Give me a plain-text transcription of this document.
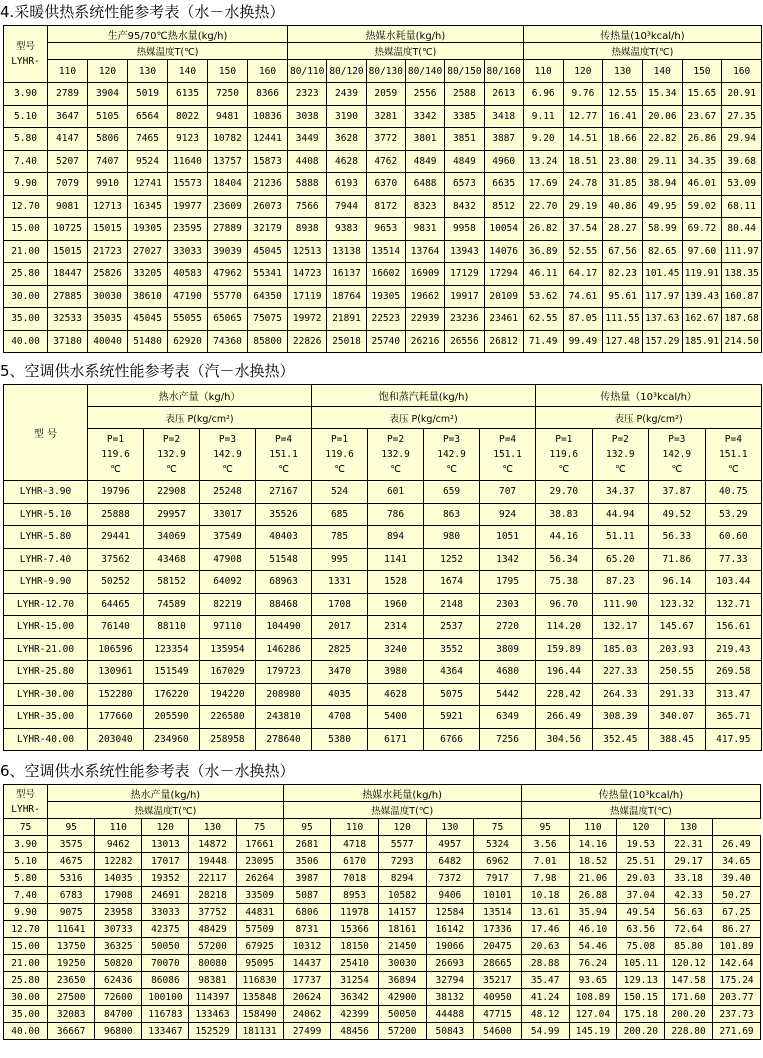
4.采暖供热系统性能参考表（水－水换热）
型号
LYHR-	生产95/70℃热水量(kg/h)						热媒水耗量(kg/h)						传热量(10³kcal/h)					
	热媒温度T(℃)						热媒温度T(℃)						热媒温度T(℃)					
	110	120	130	140	150	160	80/110	80/120	80/130	80/140	80/150	80/160	110	120	130	140	150	160
3.90	2789	3904	5019	6135	7250	8366	2323	2439	2059	2556	2588	2613	6.96	9.76	12.55	15.34	15.65	20.91
5.10	3647	5105	6564	8022	9481	10836	3038	3190	3281	3342	3385	3418	9.11	12.77	16.41	20.06	23.67	27.35
5.80	4147	5806	7465	9123	10782	12441	3449	3628	3772	3801	3851	3887	9.20	14.51	18.66	22.82	26.86	29.94
7.40	5207	7407	9524	11640	13757	15873	4408	4628	4762	4849	4849	4960	13.24	18.51	23.80	29.11	34.35	39.68
9.90	7079	9910	12741	15573	18404	21236	5888	6193	6370	6488	6573	6635	17.69	24.78	31.85	38.94	46.01	53.09
12.70	9081	12713	16345	19977	23609	26073	7566	7944	8172	8323	8432	8512	22.70	29.19	40.86	49.95	59.02	68.11
15.00	10725	15015	19305	23595	27889	32179	8938	9383	9653	9831	9958	10054	26.82	37.54	28.27	58.99	69.72	80.44
21.00	15015	21723	27027	33033	39039	45045	12513	13138	13514	13764	13943	14076	36.89	52.55	67.56	82.65	97.60	111.97
25.80	18447	25826	33205	40583	47962	55341	14723	16137	16602	16909	17129	17294	46.11	64.17	82.23	101.45	119.91	138.35
30.00	27885	30030	38610	47190	55770	64350	17119	18764	19305	19662	19917	20109	53.62	74.61	95.61	117.97	139.43	160.87
35.00	32533	35035	45045	55055	65065	75075	19972	21891	22523	22939	23236	23461	62.55	87.05	111.55	137.63	162.67	187.68
40.00	37180	40040	51480	62920	74360	85800	22826	25018	25740	26216	26556	26812	71.49	99.49	127.48	157.29	185.91	214.50
5、空调供水系统性能参考表（汽－水换热）
型 号	热水产量（kg/h）				饱和蒸汽耗量(kg/h)				传热量（10³kcal/h）			
	表压 P(kg/cm²)				表压 P(kg/cm²)				表压 P(kg/cm²)			
	P=1
119.6
℃	P=2
132.9
℃	P=3
142.9
℃	P=4
151.1
℃	P=1
119.6
℃	P=2
132.9
℃	P=3
142.9
℃	P=4
151.1
℃	P=1
119.6
℃	P=2
132.9
℃	P=3
142.9
℃	P=4
151.1
℃
LYHR-3.90	19796	22908	25248	27167	524	601	659	707	29.70	34.37	37.87	40.75
LYHR-5.10	25888	29957	33017	35526	685	786	863	924	38.83	44.94	49.52	53.29
LYHR-5.80	29441	34069	37549	40403	785	894	980	1051	44.16	51.11	56.33	60.60
LYHR-7.40	37562	43468	47908	51548	995	1141	1252	1342	56.34	65.20	71.86	77.33
LYHR-9.90	50252	58152	64092	68963	1331	1528	1674	1795	75.38	87.23	96.14	103.44
LYHR-12.70	64465	74589	82219	88468	1708	1960	2148	2303	96.70	111.90	123.32	132.71
LYHR-15.00	76140	88110	97110	104490	2017	2314	2537	2720	114.20	132.17	145.67	156.61
LYHR-21.00	106596	123354	135954	146286	2825	3240	3552	3809	159.89	185.03	203.93	219.43
LYHR-25.80	130961	151549	167029	179723	3470	3980	4364	4680	196.44	227.33	250.55	269.58
LYHR-30.00	152280	176220	194220	208980	4035	4628	5075	5442	228.42	264.33	291.33	313.47
LYHR-35.00	177660	205590	226580	243810	4708	5400	5921	6349	266.49	308.39	340.07	365.71
LYHR-40.00	203040	234960	258958	278640	5380	6171	6766	7256	304.56	352.45	388.45	417.95
6、空调供水系统性能参考表（水－水换热）
型号
LYHR-	热水产量(kg/h)					热媒水耗量(kg/h)					传热量(10³kcal/h)				
	热媒温度T(℃)					热媒温度T(℃)					热媒温度T(℃)				
75	95	110	120	130	75	95	110	120	130	75	95	110	120	130	
3.90	3575	9462	13013	14872	17661	2681	4718	5577	4957	5324	3.56	14.16	19.53	22.31	26.49
5.10	4675	12282	17017	19448	23095	3506	6170	7293	6482	6962	7.01	18.52	25.51	29.17	34.65
5.80	5316	14035	19352	22117	26264	3987	7018	8294	7372	7917	7.98	21.06	29.03	33.18	39.40
7.40	6783	17908	24691	28218	33509	5087	8953	10582	9406	10101	10.18	26.88	37.04	42.33	50.27
9.90	9075	23958	33033	37752	44831	6806	11978	14157	12584	13514	13.61	35.94	49.54	56.63	67.25
12.70	11641	30733	42375	48429	57509	8731	15366	18161	16142	17336	17.46	46.10	63.56	72.64	86.27
15.00	13750	36325	50050	57200	67925	10312	18150	21450	19066	20475	20.63	54.46	75.08	85.80	101.89
21.00	19250	50820	70070	80080	95095	14437	25410	30030	26693	28665	28.88	76.24	105.11	120.12	142.64
25.80	23650	62436	86086	98381	116830	17737	31254	36894	32794	35217	35.47	93.65	129.13	147.58	175.24
30.00	27500	72600	100100	114397	135848	20624	36342	42900	38132	40950	41.24	108.89	150.15	171.60	203.77
35.00	32083	84700	116783	133463	158490	24062	42399	50050	44488	47715	48.12	127.04	175.18	200.20	237.73
40.00	36667	96800	133467	152529	181131	27499	48456	57200	50843	54600	54.99	145.19	200.20	228.80	271.69
